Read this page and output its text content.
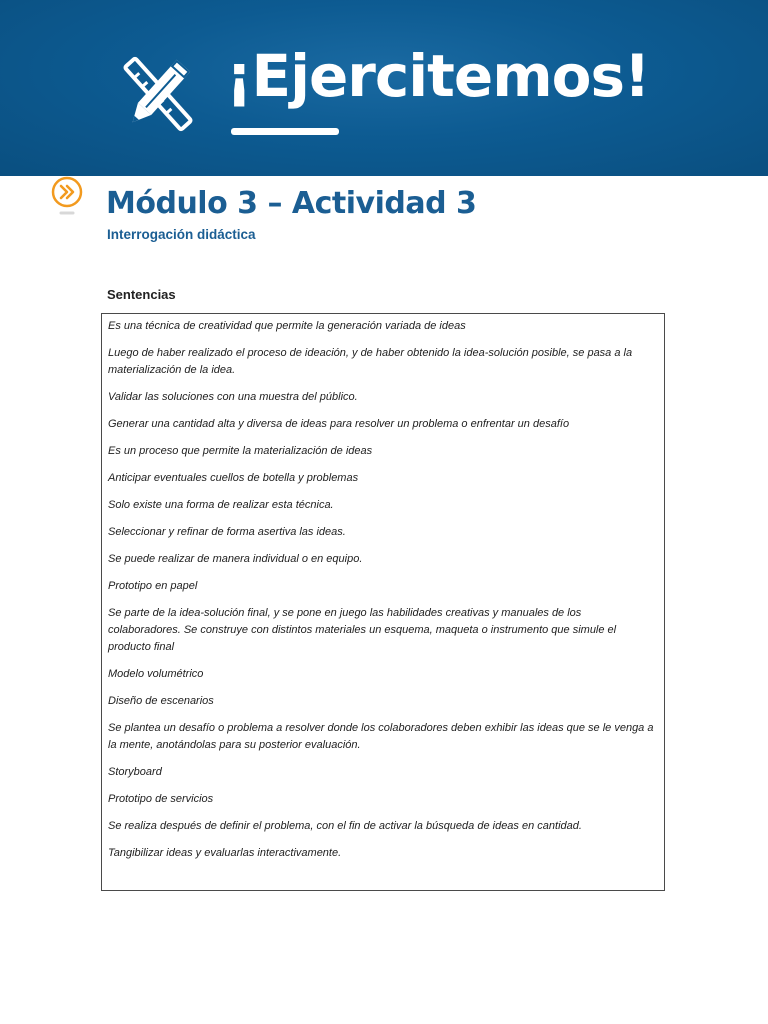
¡Ejercitemos!
Módulo 3 – Actividad 3
Interrogación didáctica
Sentencias

Es una técnica de creatividad que permite la generación variada de ideas

Luego de haber realizado el proceso de ideación, y de haber obtenido la idea-solución posible, se pasa a la materialización de la idea.

Validar las soluciones con una muestra del público.

Generar una cantidad alta y diversa de ideas para resolver un problema o enfrentar un desafío

Es un proceso que permite la materialización de ideas

Anticipar eventuales cuellos de botella y problemas

Solo existe una forma de realizar esta técnica.

Seleccionar y refinar de forma asertiva las ideas.

Se puede realizar de manera individual o en equipo.

Prototipo en papel

Se parte de la idea-solución final, y se pone en juego las habilidades creativas y manuales de los colaboradores. Se construye con distintos materiales un esquema, maqueta o instrumento que simule el producto final

Modelo volumétrico

Diseño de escenarios

Se plantea un desafío o problema a resolver donde los colaboradores deben exhibir las ideas que se le venga a la mente, anotándolas para su posterior evaluación.

Storyboard

Prototipo de servicios

Se realiza después de definir el problema, con el fin de activar la búsqueda de ideas en cantidad.

Tangibilizar ideas y evaluarlas interactivamente.
